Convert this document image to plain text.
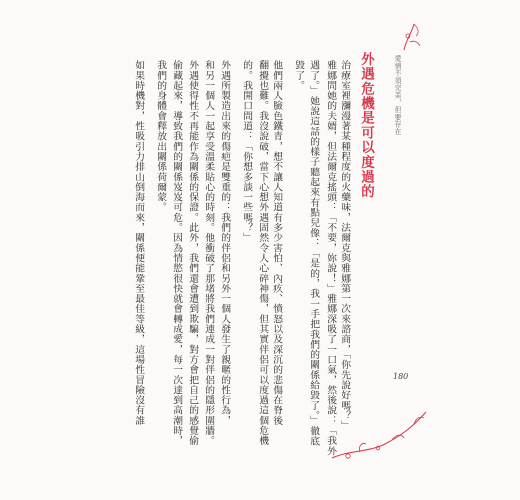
愛情不須完美，但要存在
外遇危機是可以度過的
治療室裡瀰漫著某種程度的火藥味，法爾克與雅娜第一次來諮商，「你先說好嗎？」
雅娜問她的夫婿，但法爾克搖頭：「不要，妳說！」雅娜深吸了一口氣，然後說：「我外
遇了。」她說這話的樣子聽起來有點兒像：「是的，我一手把我們的關係給毀了。」徹底
毀了。
他們兩人臉色鐵青，想不讓人知道有多少害怕、內疚、憤怒以及深沉的悲傷在脊後
翻攪也難。我沒說破，當下心想外遇固然令人心碎神傷，但其實伴侶可以度過這個危機
的。我開口問道：「你想多談一些嗎？」
外遇所製造出來的傷疤是雙重的：我們的伴侶和另外一個人發生了親暱的性行為，
和另一個人一起享受溫柔貼心的時刻。他衝破了那堵將我們連成一對伴侶的隱形圍牆。
外遇使得性不再能作為關係的保證。此外，我們還會遭到欺騙，對方會把自己的感覺偷
偷藏起來，導致我們的關係岌岌可危。因為情慾很快就會轉成愛，每一次達到高潮時，
我們的身體會釋放出關係荷爾蒙。
如果時機對，性吸引力排山倒海而來，關係便能鞏至最佳等級，這場性冒險沒有誰	180
